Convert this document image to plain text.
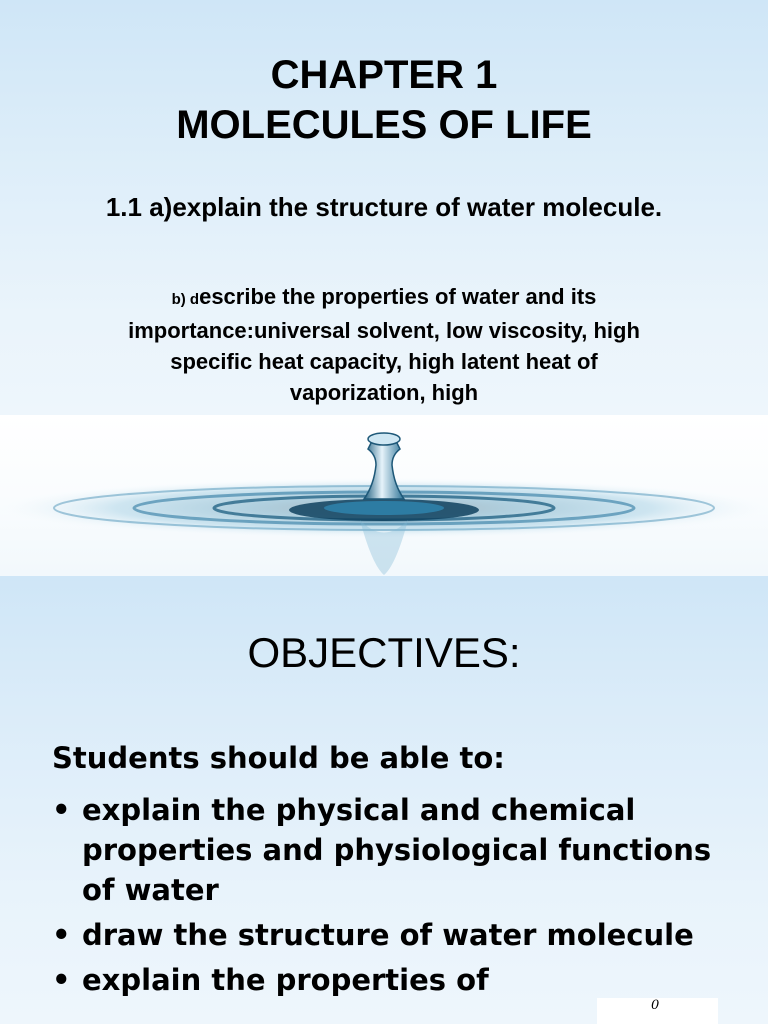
CHAPTER 1
MOLECULES OF LIFE
1.1 a)explain the structure of water molecule.
b) describe the properties of water and its importance:universal solvent, low viscosity, high specific heat capacity, high latent heat of vaporization, high
OBJECTIVES:
Students should be able to:
• explain the physical and chemical properties and physiological functions of water
• draw the structure of water molecule
• explain the properties of
0
